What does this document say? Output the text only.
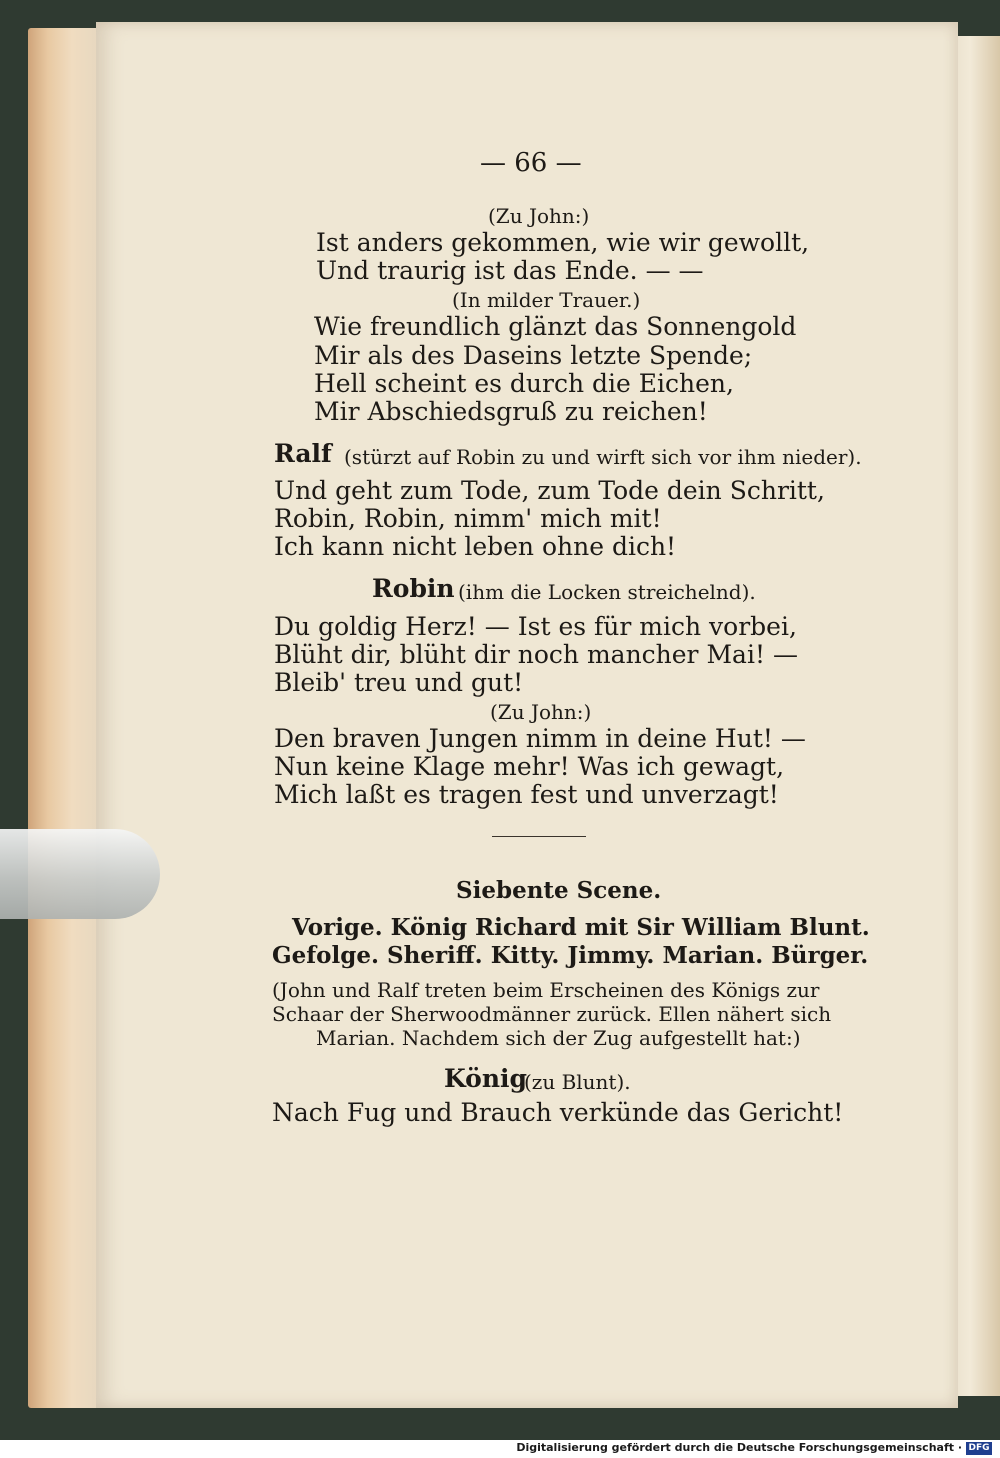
— 66 —
(Zu John:)
Ist anders gekommen, wie wir gewollt,
Und traurig ist das Ende. — —
(In milder Trauer.)
Wie freundlich glänzt das Sonnengold
Mir als des Daseins letzte Spende;
Hell scheint es durch die Eichen,
Mir Abschiedsgruß zu reichen!
Ralf (stürzt auf Robin zu und wirft sich vor ihm nieder).
Und geht zum Tode, zum Tode dein Schritt,
Robin, Robin, nimm' mich mit!
Ich kann nicht leben ohne dich!
Robin (ihm die Locken streichelnd).
Du goldig Herz! — Ist es für mich vorbei,
Blüht dir, blüht dir noch mancher Mai! —
Bleib' treu und gut!
(Zu John:)
Den braven Jungen nimm in deine Hut! —
Nun keine Klage mehr! Was ich gewagt,
Mich laßt es tragen fest und unverzagt!
Siebente Scene.
Vorige. König Richard mit Sir William Blunt.
Gefolge. Sheriff. Kitty. Jimmy. Marian. Bürger.
(John und Ralf treten beim Erscheinen des Königs zur
Schaar der Sherwoodmänner zurück. Ellen nähert sich
Marian. Nachdem sich der Zug aufgestellt hat:)
König
(zu Blunt).
Nach Fug und Brauch verkünde das Gericht!
Digitalisierung gefördert durch die Deutsche Forschungsgemeinschaft · DFG
